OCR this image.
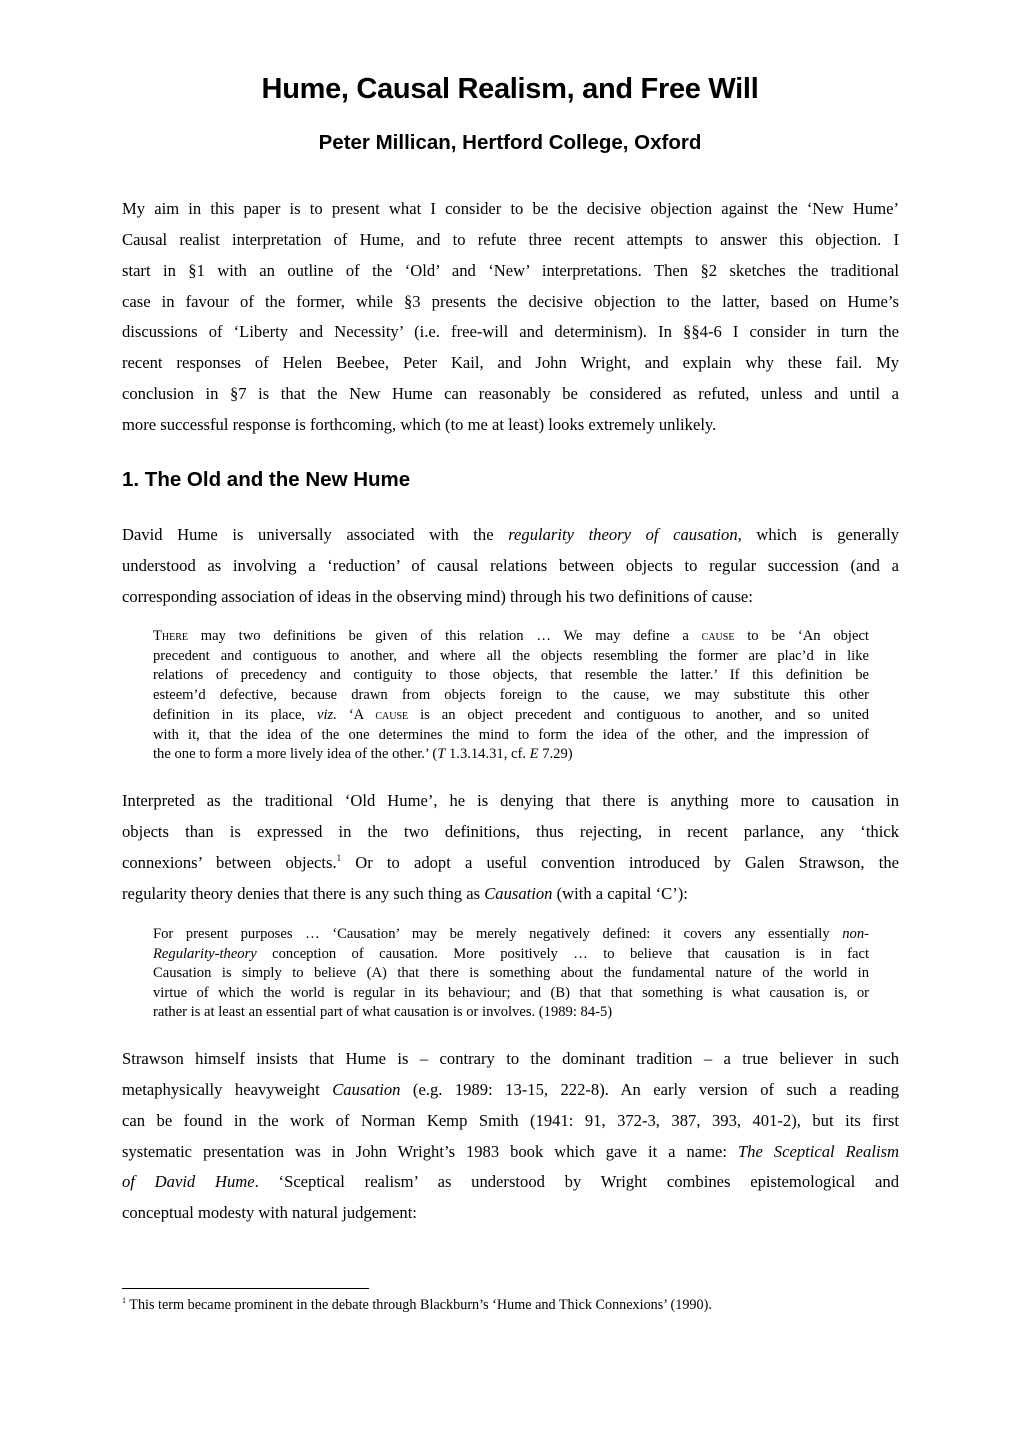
Hume, Causal Realism, and Free Will
Peter Millican, Hertford College, Oxford
My aim in this paper is to present what I consider to be the decisive objection against the ‘New Hume’
Causal realist interpretation of Hume, and to refute three recent attempts to answer this objection. I
start in §1 with an outline of the ‘Old’ and ‘New’ interpretations. Then §2 sketches the traditional
case in favour of the former, while §3 presents the decisive objection to the latter, based on Hume’s
discussions of ‘Liberty and Necessity’ (i.e. free-will and determinism). In §§4-6 I consider in turn the
recent responses of Helen Beebee, Peter Kail, and John Wright, and explain why these fail. My
conclusion in §7 is that the New Hume can reasonably be considered as refuted, unless and until a
more successful response is forthcoming, which (to me at least) looks extremely unlikely.
1. The Old and the New Hume
David Hume is universally associated with the regularity theory of causation, which is generally
understood as involving a ‘reduction’ of causal relations between objects to regular succession (and a
corresponding association of ideas in the observing mind) through his two definitions of cause:
There may two definitions be given of this relation … We may define a cause to be ‘An object
precedent and contiguous to another, and where all the objects resembling the former are plac’d in like
relations of precedency and contiguity to those objects, that resemble the latter.’ If this definition be
esteem’d defective, because drawn from objects foreign to the cause, we may substitute this other
definition in its place, viz. ‘A cause is an object precedent and contiguous to another, and so united
with it, that the idea of the one determines the mind to form the idea of the other, and the impression of
the one to form a more lively idea of the other.’ (T 1.3.14.31, cf. E 7.29)
Interpreted as the traditional ‘Old Hume’, he is denying that there is anything more to causation in
objects than is expressed in the two definitions, thus rejecting, in recent parlance, any ‘thick
connexions’ between objects.$^1$ Or to adopt a useful convention introduced by Galen Strawson, the
regularity theory denies that there is any such thing as Causation (with a capital ‘C’):
For present purposes … ‘Causation’ may be merely negatively defined: it covers any essentially non-
Regularity-theory conception of causation. More positively … to believe that causation is in fact
Causation is simply to believe (A) that there is something about the fundamental nature of the world in
virtue of which the world is regular in its behaviour; and (B) that that something is what causation is, or
rather is at least an essential part of what causation is or involves. (1989: 84-5)
Strawson himself insists that Hume is – contrary to the dominant tradition – a true believer in such
metaphysically heavyweight Causation (e.g. 1989: 13-15, 222-8). An early version of such a reading
can be found in the work of Norman Kemp Smith (1941: 91, 372-3, 387, 393, 401-2), but its first
systematic presentation was in John Wright’s 1983 book which gave it a name: The Sceptical Realism
of David Hume. ‘Sceptical realism’ as understood by Wright combines epistemological and
conceptual modesty with natural judgement:
$^1$ This term became prominent in the debate through Blackburn’s ‘Hume and Thick Connexions’ (1990).
